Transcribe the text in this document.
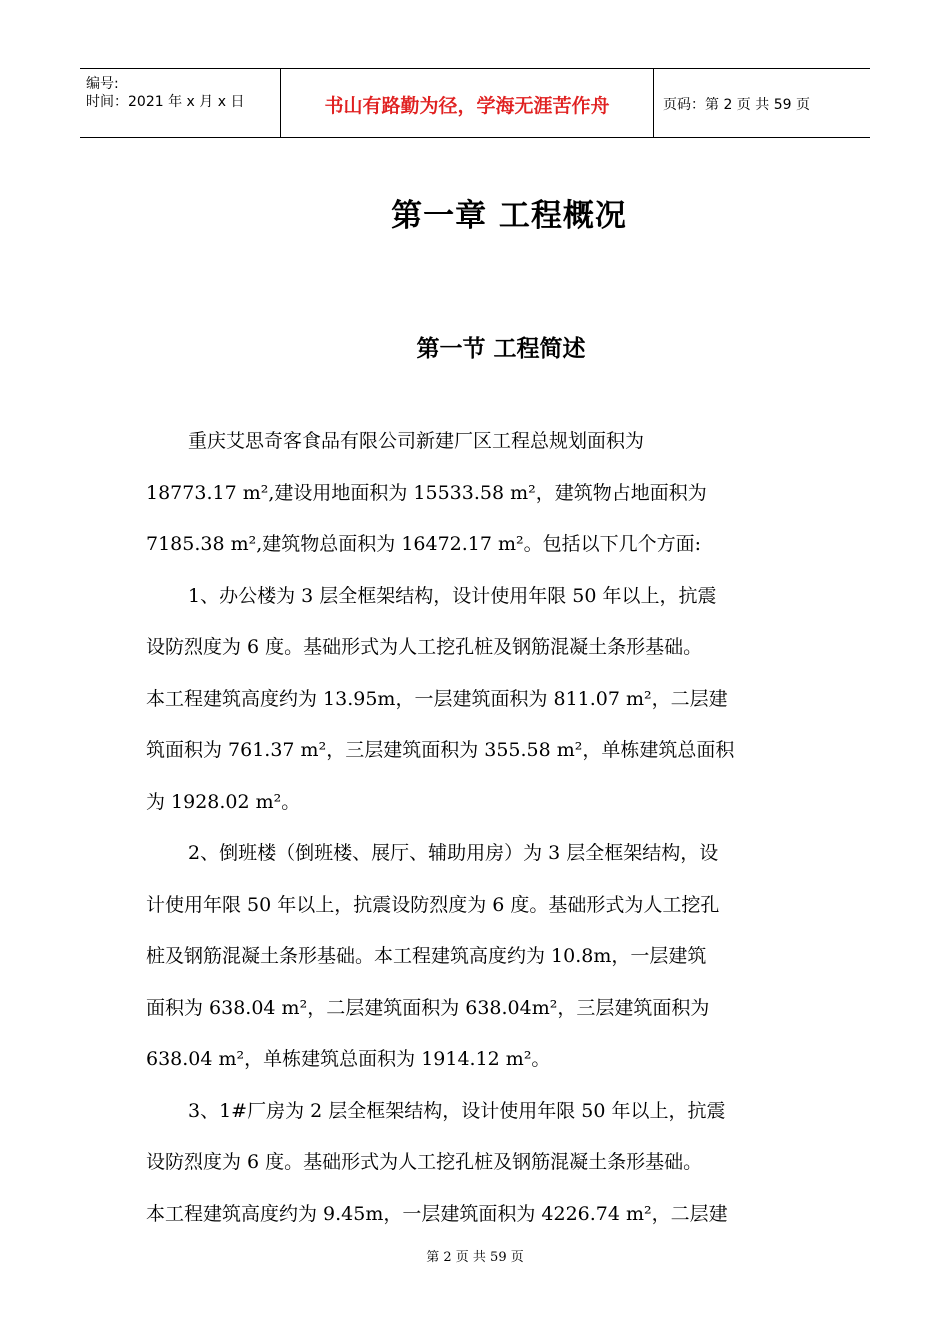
编号:
时间：2021 年 x 月 x 日	书山有路勤为径，学海无涯苦作舟	页码：第 2 页 共 59 页
第一章 工程概况
第一节 工程简述

重庆艾思奇客食品有限公司新建厂区工程总规划面积为
18773.17 m²,建设用地面积为 15533.58 m²，建筑物占地面积为
7185.38 m²,建筑物总面积为 16472.17 m²。包括以下几个方面:

1、办公楼为 3 层全框架结构，设计使用年限 50 年以上，抗震
设防烈度为 6 度。基础形式为人工挖孔桩及钢筋混凝土条形基础。
本工程建筑高度约为 13.95m，一层建筑面积为 811.07 m²，二层建
筑面积为 761.37 m²，三层建筑面积为 355.58 m²，单栋建筑总面积
为 1928.02 m²。

2、倒班楼（倒班楼、展厅、辅助用房）为 3 层全框架结构，设
计使用年限 50 年以上，抗震设防烈度为 6 度。基础形式为人工挖孔
桩及钢筋混凝土条形基础。本工程建筑高度约为 10.8m，一层建筑
面积为 638.04 m²，二层建筑面积为 638.04m²，三层建筑面积为
638.04 m²，单栋建筑总面积为 1914.12 m²。

3、1#厂房为 2 层全框架结构，设计使用年限 50 年以上，抗震
设防烈度为 6 度。基础形式为人工挖孔桩及钢筋混凝土条形基础。
本工程建筑高度约为 9.45m，一层建筑面积为 4226.74 m²，二层建

第 2 页 共 59 页
